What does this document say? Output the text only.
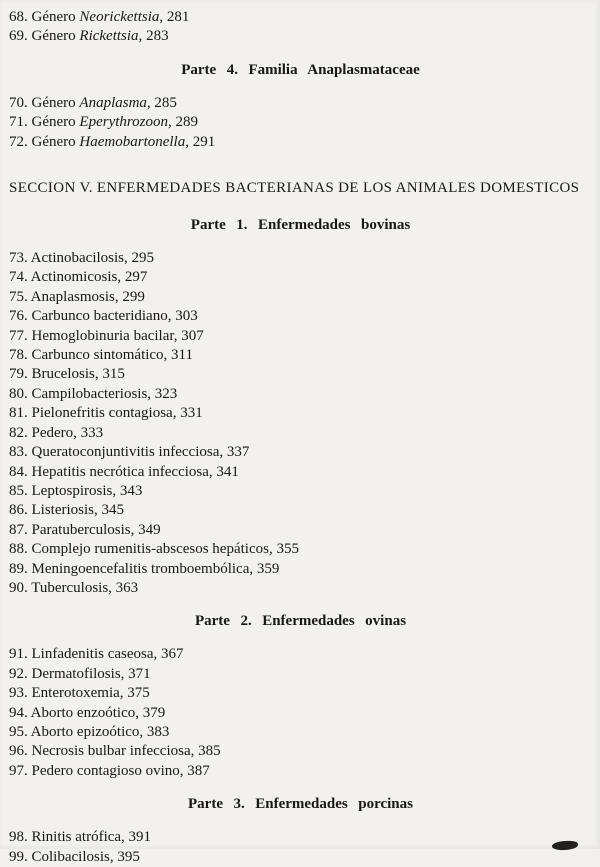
68. Género Neorickettsia, 281

69. Género Rickettsia, 283

Parte 4. Familia Anaplasmataceae

70. Género Anaplasma, 285

71. Género Eperythrozoon, 289

72. Género Haemobartonella, 291

SECCION V. ENFERMEDADES BACTERIANAS DE LOS ANIMALES DOMESTICOS

Parte 1. Enfermedades bovinas

73. Actinobacilosis, 295

74. Actinomicosis, 297

75. Anaplasmosis, 299

76. Carbunco bacteridiano, 303

77. Hemoglobinuria bacilar, 307

78. Carbunco sintomático, 311

79. Brucelosis, 315

80. Campilobacteriosis, 323

81. Pielonefritis contagiosa, 331

82. Pedero, 333

83. Queratoconjuntivitis infecciosa, 337

84. Hepatitis necrótica infecciosa, 341

85. Leptospirosis, 343

86. Listeriosis, 345

87. Paratuberculosis, 349

88. Complejo rumenitis-abscesos hepáticos, 355

89. Meningoencefalitis tromboembólica, 359

90. Tuberculosis, 363

Parte 2. Enfermedades ovinas

91. Linfadenitis caseosa, 367

92. Dermatofilosis, 371

93. Enterotoxemia, 375

94. Aborto enzoótico, 379

95. Aborto epizoótico, 383

96. Necrosis bulbar infecciosa, 385

97. Pedero contagioso ovino, 387

Parte 3. Enfermedades porcinas

98. Rinitis atrófica, 391

99. Colibacilosis, 395
